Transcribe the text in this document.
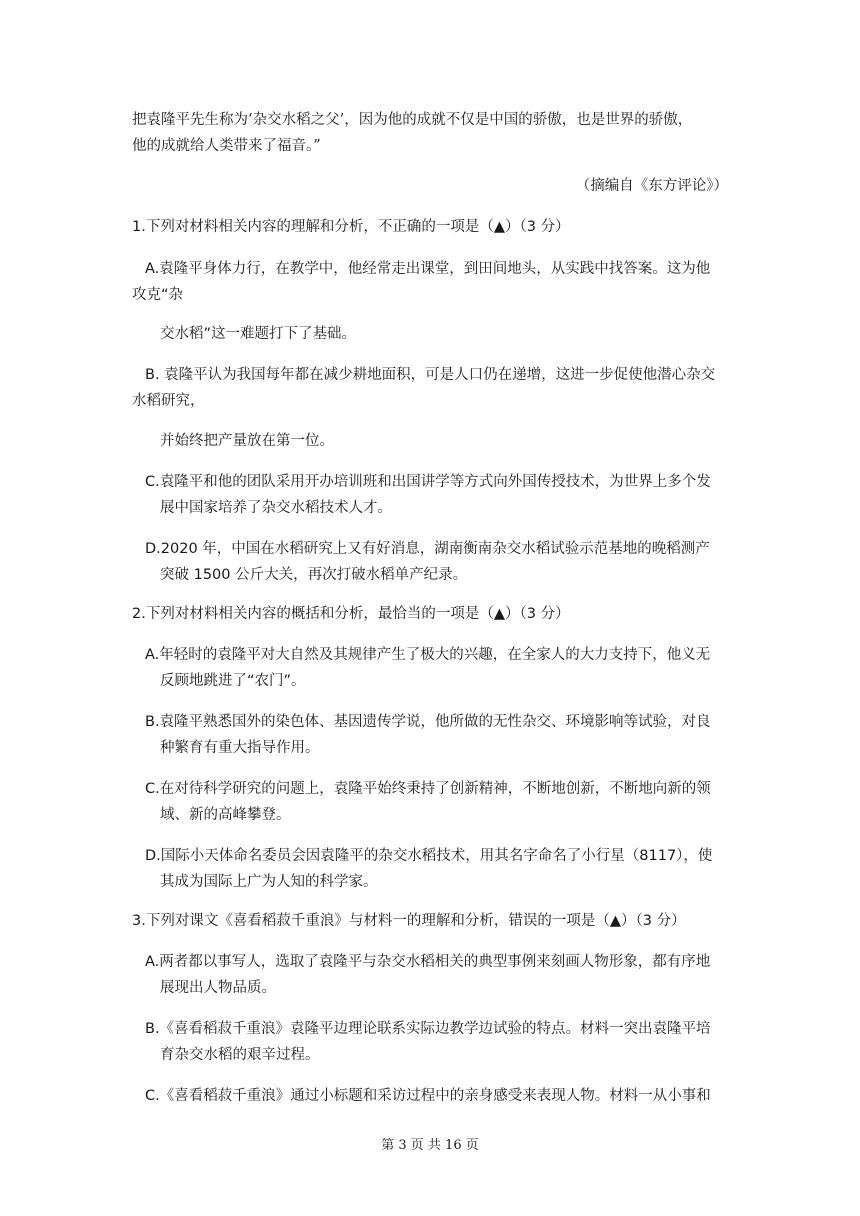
把袁隆平先生称为‘杂交水稻之父’，因为他的成就不仅是中国的骄傲，也是世界的骄傲，
他的成就给人类带来了福音。”
（摘编自《东方评论》）
1.下列对材料相关内容的理解和分析，不正确的一项是（▲）（3 分）
A.袁隆平身体力行，在教学中，他经常走出课堂，到田间地头，从实践中找答案。这为他
攻克“杂
交水稻”这一难题打下了基础。
B. 袁隆平认为我国每年都在减少耕地面积，可是人口仍在递增，这进一步促使他潜心杂交
水稻研究，
并始终把产量放在第一位。
C.袁隆平和他的团队采用开办培训班和出国讲学等方式向外国传授技术，为世界上多个发
展中国家培养了杂交水稻技术人才。
D.2020 年，中国在水稻研究上又有好消息，湖南衡南杂交水稻试验示范基地的晚稻测产
突破 1500 公斤大关，再次打破水稻单产纪录。
2.下列对材料相关内容的概括和分析，最恰当的一项是（▲）（3 分）
A.年轻时的袁隆平对大自然及其规律产生了极大的兴趣，在全家人的大力支持下，他义无
反顾地跳进了“农门”。
B.袁隆平熟悉国外的染色体、基因遗传学说，他所做的无性杂交、环境影响等试验，对良
种繁育有重大指导作用。
C.在对待科学研究的问题上，袁隆平始终秉持了创新精神，不断地创新，不断地向新的领
域、新的高峰攀登。
D.国际小天体命名委员会因袁隆平的杂交水稻技术，用其名字命名了小行星（8117），使
其成为国际上广为人知的科学家。
3.下列对课文《喜看稻菽千重浪》与材料一的理解和分析，错误的一项是（▲）（3 分）
A.两者都以事写人，选取了袁隆平与杂交水稻相关的典型事例来刻画人物形象，都有序地
展现出人物品质。
B.《喜看稻菽千重浪》袁隆平边理论联系实际边教学边试验的特点。材料一突出袁隆平培
育杂交水稻的艰辛过程。
C.《喜看稻菽千重浪》通过小标题和采访过程中的亲身感受来表现人物。材料一从小事和
第 3 页 共 16 页
